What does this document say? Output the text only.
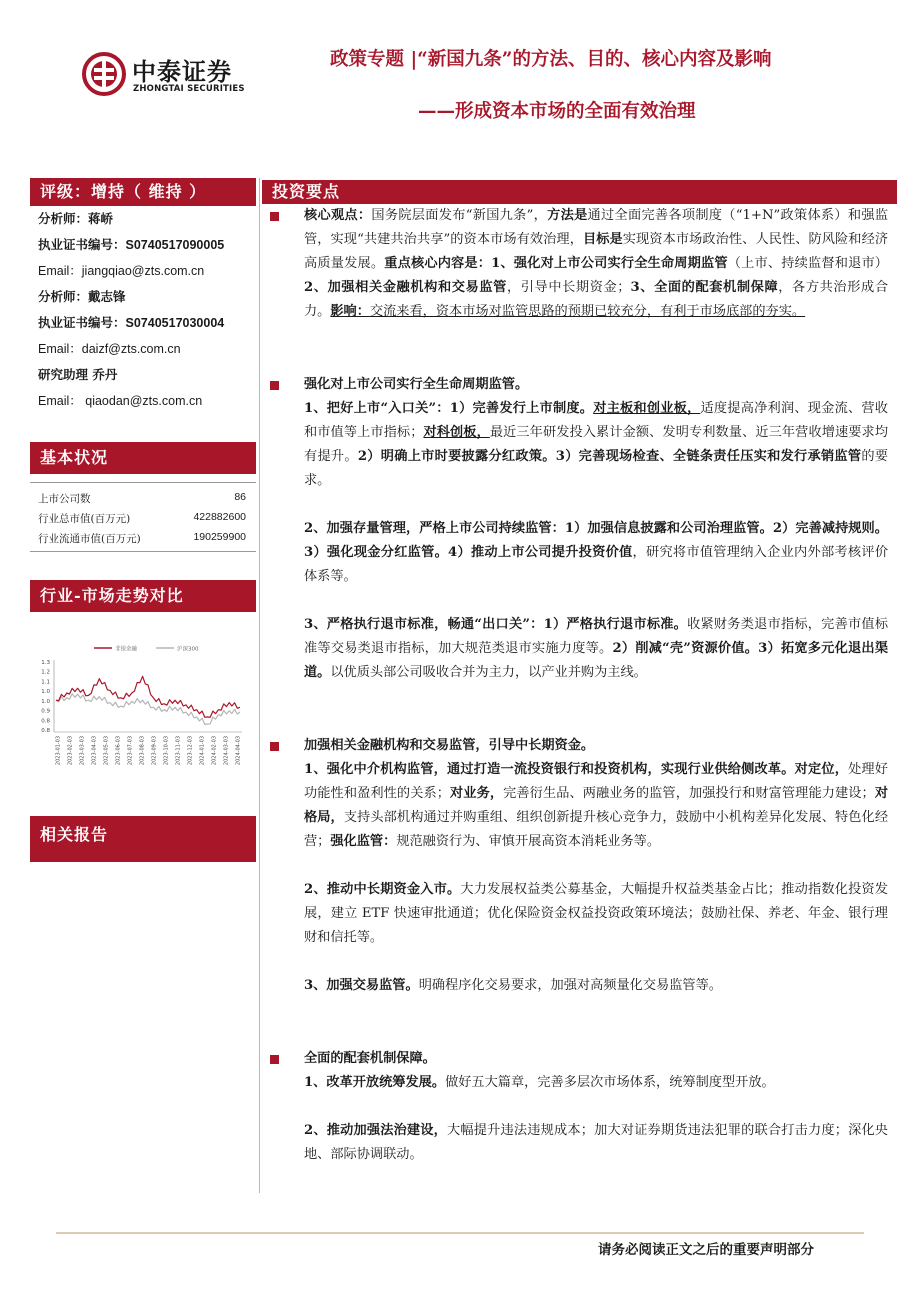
中泰证券
ZHONGTAI SECURITIES
政策专题 |“新国九条”的方法、目的、核心内容及影响
——形成资本市场的全面有效治理
评级：增持（ 维持 ）
分析师：蒋峤
执业证书编号：S0740517090005
Email：jiangqiao@zts.com.cn
分析师：戴志锋
执业证书编号：S0740517030004
Email：daizf@zts.com.cn
研究助理 乔丹
Email： qiaodan@zts.com.cn
基本状况
上市公司数	86
行业总市值(百万元)	422882600
行业流通市值(百万元)	190259900
行业-市场走势对比
非银金融	沪深300
1.3
1.2
1.1
1.0
1.0
0.9
0.8
0.8
2023-01-03 2023-02-03 2023-03-03 2023-04-03 2023-05-03 2023-06-03 2023-07-03 2023-08-03 2023-09-03 2023-10-03 2023-11-03 2023-12-03 2024-01-03 2024-02-03 2024-03-03 2024-04-03
相关报告
投资要点
核心观点：国务院层面发布“新国九条”，方法是通过全面完善各项制度（“1+N”政策体系）和强监管，实现“共建共治共享”的资本市场有效治理，目标是实现资本市场政治性、人民性、防风险和经济高质量发展。重点核心内容是：1、强化对上市公司实行全生命周期监管（上市、持续监督和退市）2、加强相关金融机构和交易监管，引导中长期资金；3、全面的配套机制保障，各方共治形成合力。影响：交流来看，资本市场对监管思路的预期已较充分，有利于市场底部的夯实。
强化对上市公司实行全生命周期监管。
1、把好上市“入口关”：1）完善发行上市制度。对主板和创业板，适度提高净利润、现金流、营收和市值等上市指标；对科创板，最近三年研发投入累计金额、发明专利数量、近三年营收增速要求均有提升。2）明确上市时要披露分红政策。3）完善现场检查、全链条责任压实和发行承销监管的要求。
2、加强存量管理，严格上市公司持续监管：1）加强信息披露和公司治理监管。2）完善减持规则。3）强化现金分红监管。4）推动上市公司提升投资价值，研究将市值管理纳入企业内外部考核评价体系等。
3、严格执行退市标准，畅通“出口关”：1）严格执行退市标准。收紧财务类退市指标，完善市值标准等交易类退市指标，加大规范类退市实施力度等。2）削减“壳”资源价值。3）拓宽多元化退出渠道。以优质头部公司吸收合并为主力，以产业并购为主线。
加强相关金融机构和交易监管，引导中长期资金。
1、强化中介机构监管，通过打造一流投资银行和投资机构，实现行业供给侧改革。对定位，处理好功能性和盈利性的关系；对业务，完善衍生品、两融业务的监管，加强投行和财富管理能力建设；对格局，支持头部机构通过并购重组、组织创新提升核心竞争力，鼓励中小机构差异化发展、特色化经营；强化监管：规范融资行为、审慎开展高资本消耗业务等。
2、推动中长期资金入市。大力发展权益类公募基金，大幅提升权益类基金占比；推动指数化投资发展，建立 ETF 快速审批通道；优化保险资金权益投资政策环境法；鼓励社保、养老、年金、银行理财和信托等。
3、加强交易监管。明确程序化交易要求，加强对高频量化交易监管等。
全面的配套机制保障。
1、改革开放统筹发展。做好五大篇章，完善多层次市场体系，统筹制度型开放。
2、推动加强法治建设，大幅提升违法违规成本；加大对证券期货违法犯罪的联合打击力度；深化央地、部际协调联动。
请务必阅读正文之后的重要声明部分
